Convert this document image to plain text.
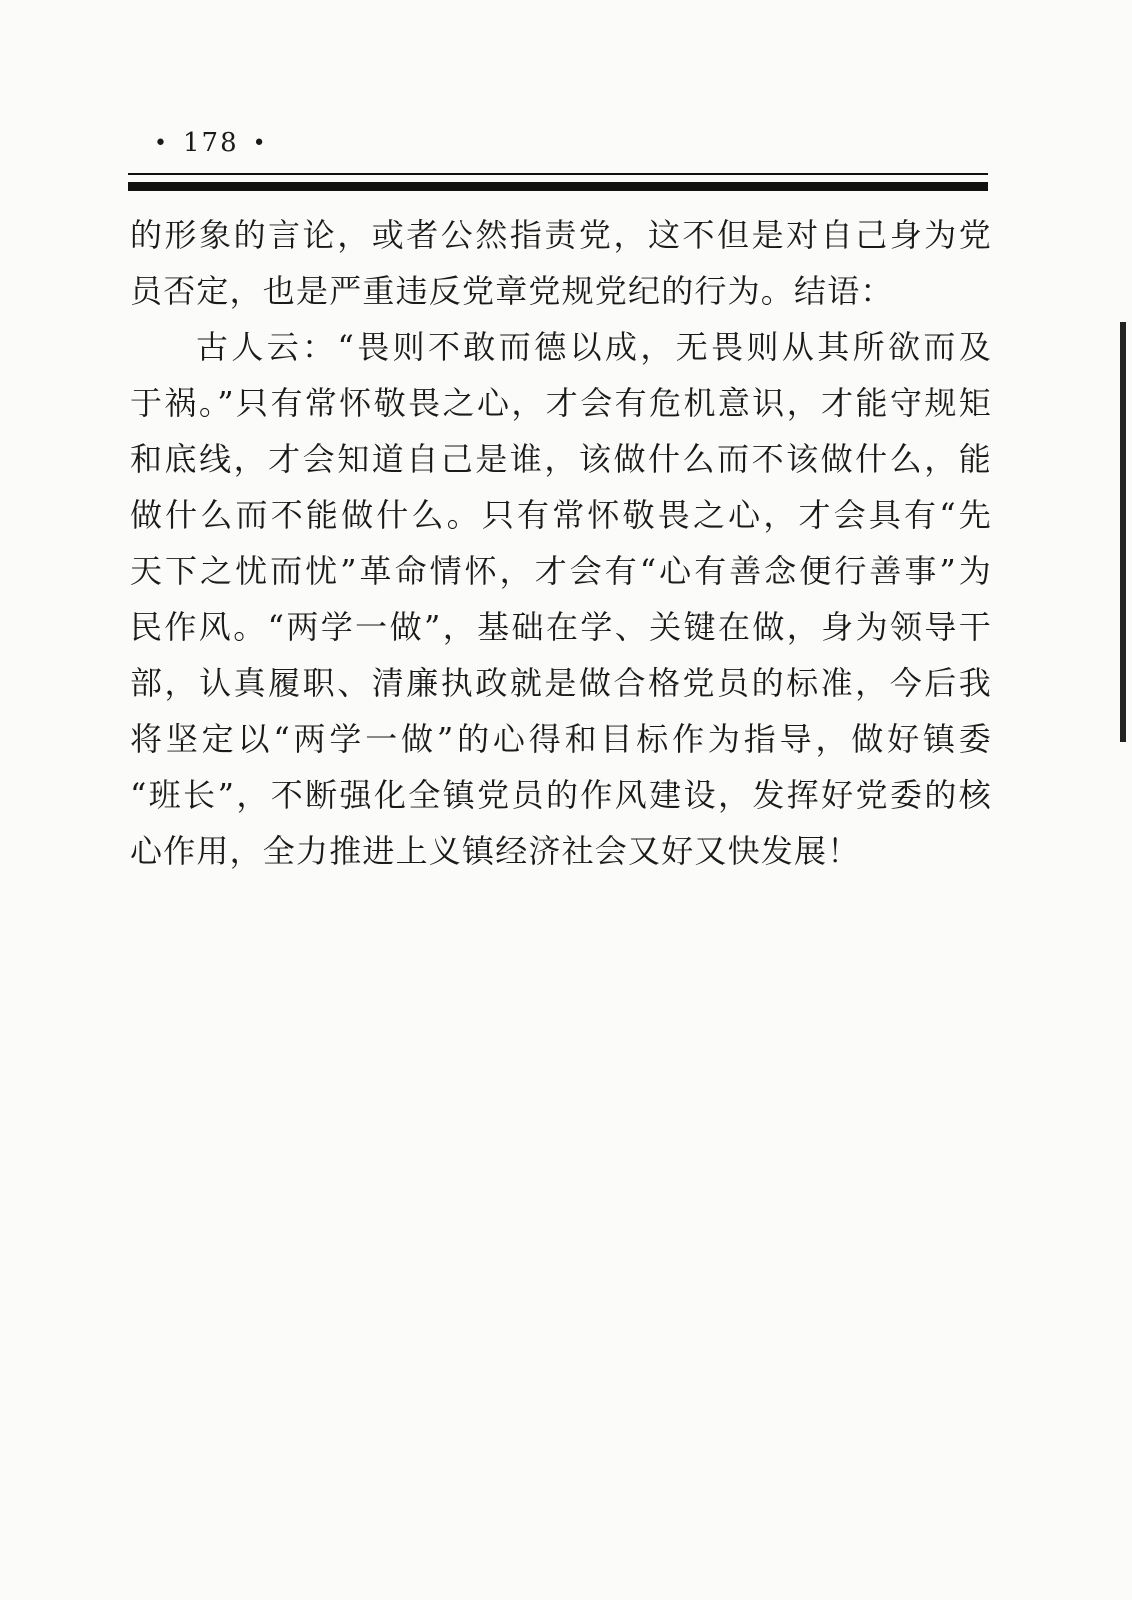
• 178 •
的形象的言论，或者公然指责党，这不但是对自己身为党
员否定，也是严重违反党章党规党纪的行为。结语：
古人云：“畏则不敢而德以成，无畏则从其所欲而及
于祸。”只有常怀敬畏之心，才会有危机意识，才能守规矩
和底线，才会知道自己是谁，该做什么而不该做什么，能
做什么而不能做什么。只有常怀敬畏之心，才会具有“先
天下之忧而忧”革命情怀，才会有“心有善念便行善事”为
民作风。“两学一做”，基础在学、关键在做，身为领导干
部，认真履职、清廉执政就是做合格党员的标准，今后我
将坚定以“两学一做”的心得和目标作为指导，做好镇委
“班长”，不断强化全镇党员的作风建设，发挥好党委的核
心作用，全力推进上义镇经济社会又好又快发展！
